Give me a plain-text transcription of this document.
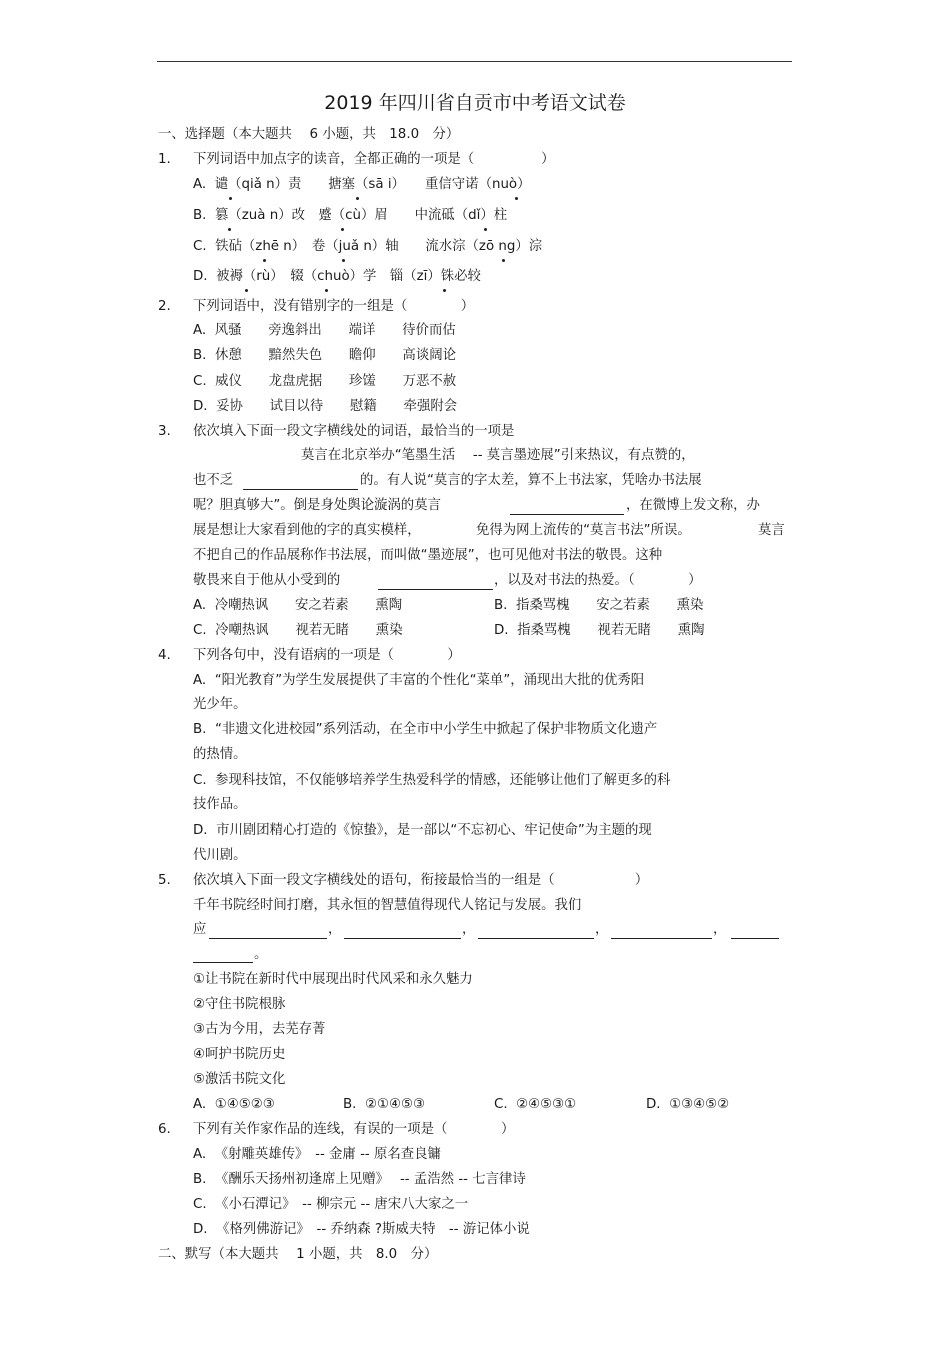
2019 年四川省自贡市中考语文试卷
一、选择题（本大题共　 6 小题，共　18.0　分）
1. 下列词语中加点字的读音，全都正确的一项是（　　　　　）
A.  谴（qiǎ n）责　　搪塞（sā i）　　重信守诺（nuò）
B.  篡（zuà n）改　蹙（cù）眉　　中流砥（dǐ）柱
C.  铁砧（zhē n）　卷（juǎ n）轴　　流水淙（zō ng）淙
D.  被褥（rù）　辍（chuò）学　锱（zī）铢必较
2. 下列词语中，没有错别字的一组是（　　　　）
A.  风骚　　旁逸斜出　　端详　　待价而估
B.  休憩　　黯然失色　　瞻仰　　高谈阔论
C.  威仪　　龙盘虎据　　珍馐　　万恶不赦
D.  妥协　　试目以待　　慰籍　　牵强附会
3. 依次填入下面一段文字横线处的词语，最恰当的一项是
莫言在北京举办“笔墨生活　 -- 莫言墨迹展”引来热议，有点赞的，
也不乏	的。有人说“莫言的字太差，算不上书法家，凭啥办书法展
呢？胆真够大”。倒是身处舆论漩涡的莫言	，在微博上发文称，办
展是想让大家看到他的字的真实模样，	免得为网上流传的“莫言书法”所误。	莫言
不把自己的作品展称作书法展，而叫做“墨迹展”，也可见他对书法的敬畏。这种
敬畏来自于他从小受到的	，以及对书法的热爱。（　　　　）
A.  冷嘲热讽　　安之若素　　熏陶	B.  指桑骂槐　　安之若素　　熏染
C.  冷嘲热讽　　视若无睹　　熏染	D.  指桑骂槐　　视若无睹　　熏陶
4. 下列各句中，没有语病的一项是（　　　　）
A.  “阳光教育”为学生发展提供了丰富的个性化“菜单”，涌现出大批的优秀阳
光少年。
B.  “非遗文化进校园”系列活动，在全市中小学生中掀起了保护非物质文化遗产
的热情。
C.  参现科技馆，不仅能够培养学生热爱科学的情感，还能够让他们了解更多的科
技作品。
D.  市川剧团精心打造的《惊蛰》，是一部以“不忘初心、牢记使命”为主题的现
代川剧。
5. 依次填入下面一段文字横线处的语句，衔接最恰当的一组是（　　　　　　）
千年书院经时间打磨，其永恒的智慧值得现代人铭记与发展。我们
应	，	，	，	，
。
①让书院在新时代中展现出时代风采和永久魅力
②守住书院根脉
③古为今用，去芜存菁
④呵护书院历史
⑤激活书院文化
A.  ①④⑤②③	B.  ②①④⑤③	C.  ②④⑤③①	D.  ①③④⑤②
6. 下列有关作家作品的连线，有误的一项是（　　　　）
A.  《射雕英雄传》　-- 金庸 -- 原名查良镛
B.  《酬乐天扬州初逢席上见赠》　 -- 孟浩然 -- 七言律诗
C.  《小石潭记》　-- 柳宗元 -- 唐宋八大家之一
D.  《格列佛游记》　-- 乔纳森 ?斯威夫特　-- 游记体小说
二、默写（本大题共　 1 小题，共　8.0　分）
